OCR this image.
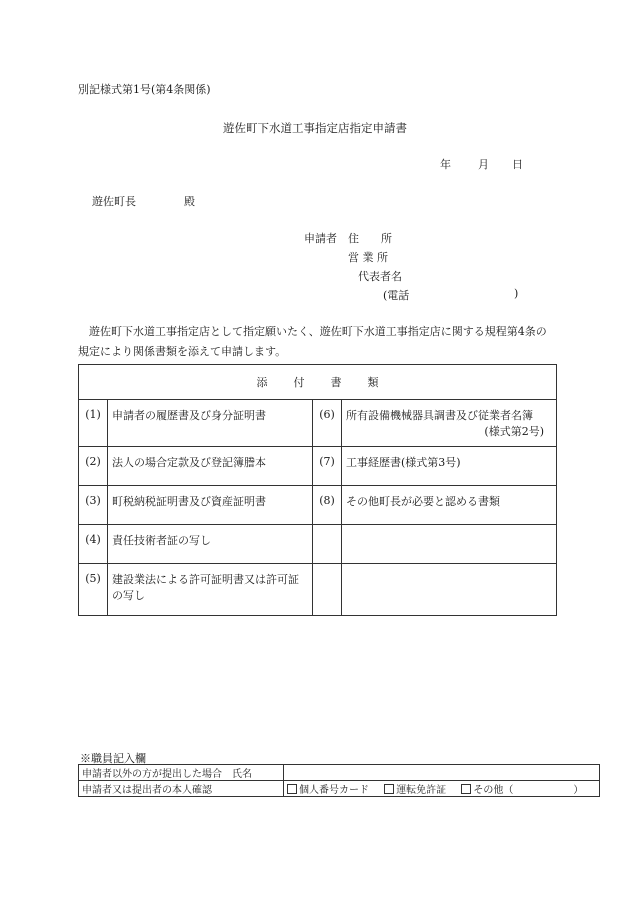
別記様式第1号(第4条関係)
遊佐町下水道工事指定店指定申請書
年 月 日
遊佐町長	殿
申請者 住　　所
営 業 所
代表者名
(電話	)
遊佐町下水道工事指定店として指定願いたく、遊佐町下水道工事指定店に関する規程第4条の規定により関係書類を添えて申請します。
添付書類			
(1)	申請者の履歴書及び身分証明書	(6)	所有設備機械器具調書及び従業者名簿
(様式第2号)

(2)	法人の場合定款及び登記簿謄本	(7)	工事経歴書(様式第3号)
(3)	町税納税証明書及び資産証明書	(8)	その他町長が必要と認める書類
(4)	責任技術者証の写し		
(5)	建設業法による許可証明書又は許可証の写し		
※職員記入欄
申請者以外の方が提出した場合　氏名	
申請者又は提出者の本人確認	個人番号カード 運転免許証 その他（ ）
